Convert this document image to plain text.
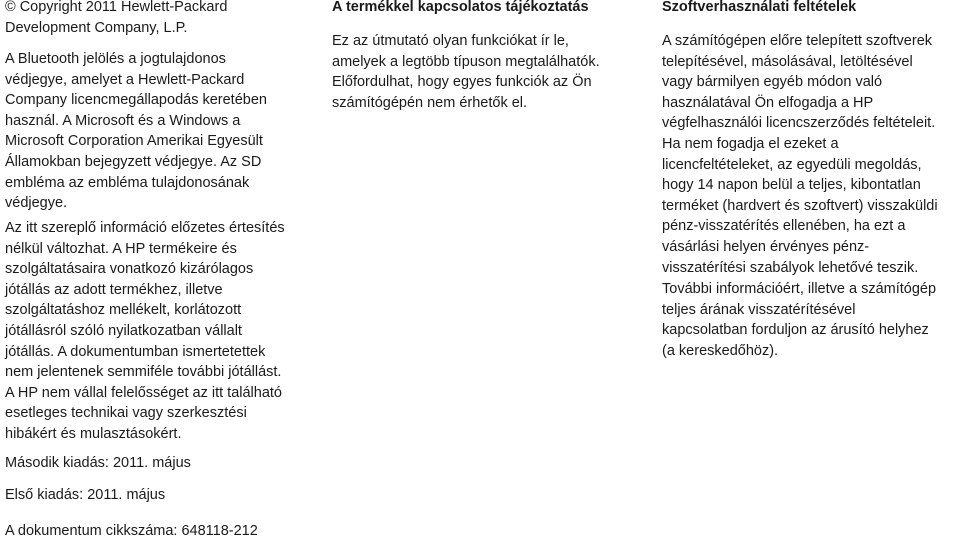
© Copyright 2011 Hewlett-Packard
Development Company, L.P.

A Bluetooth jelölés a jogtulajdonos
védjegye, amelyet a Hewlett-Packard
Company licencmegállapodás keretében
használ. A Microsoft és a Windows a
Microsoft Corporation Amerikai Egyesült
Államokban bejegyzett védjegye. Az SD
embléma az embléma tulajdonosának
védjegye.

Az itt szereplő információ előzetes értesítés
nélkül változhat. A HP termékeire és
szolgáltatásaira vonatkozó kizárólagos
jótállás az adott termékhez, illetve
szolgáltatáshoz mellékelt, korlátozott
jótállásról szóló nyilatkozatban vállalt
jótállás. A dokumentumban ismertetettek
nem jelentenek semmiféle további jótállást.
A HP nem vállal felelősséget az itt található
esetleges technikai vagy szerkesztési
hibákért és mulasztásokért.

Második kiadás: 2011. május

Első kiadás: 2011. május

A dokumentum cikkszáma: 648118-212

A termékkel kapcsolatos tájékoztatás

Ez az útmutató olyan funkciókat ír le,
amelyek a legtöbb típuson megtalálhatók.
Előfordulhat, hogy egyes funkciók az Ön
számítógépén nem érhetők el.

Szoftverhasználati feltételek

A számítógépen előre telepített szoftverek
telepítésével, másolásával, letöltésével
vagy bármilyen egyéb módon való
használatával Ön elfogadja a HP
végfelhasználói licencszerződés feltételeit.
Ha nem fogadja el ezeket a
licencfeltételeket, az egyedüli megoldás,
hogy 14 napon belül a teljes, kibontatlan
terméket (hardvert és szoftvert) visszaküldi
pénz-visszatérítés ellenében, ha ezt a
vásárlási helyen érvényes pénz-
visszatérítési szabályok lehetővé teszik.

További információért, illetve a számítógép
teljes árának visszatérítésével
kapcsolatban forduljon az árusító helyhez
(a kereskedőhöz).
